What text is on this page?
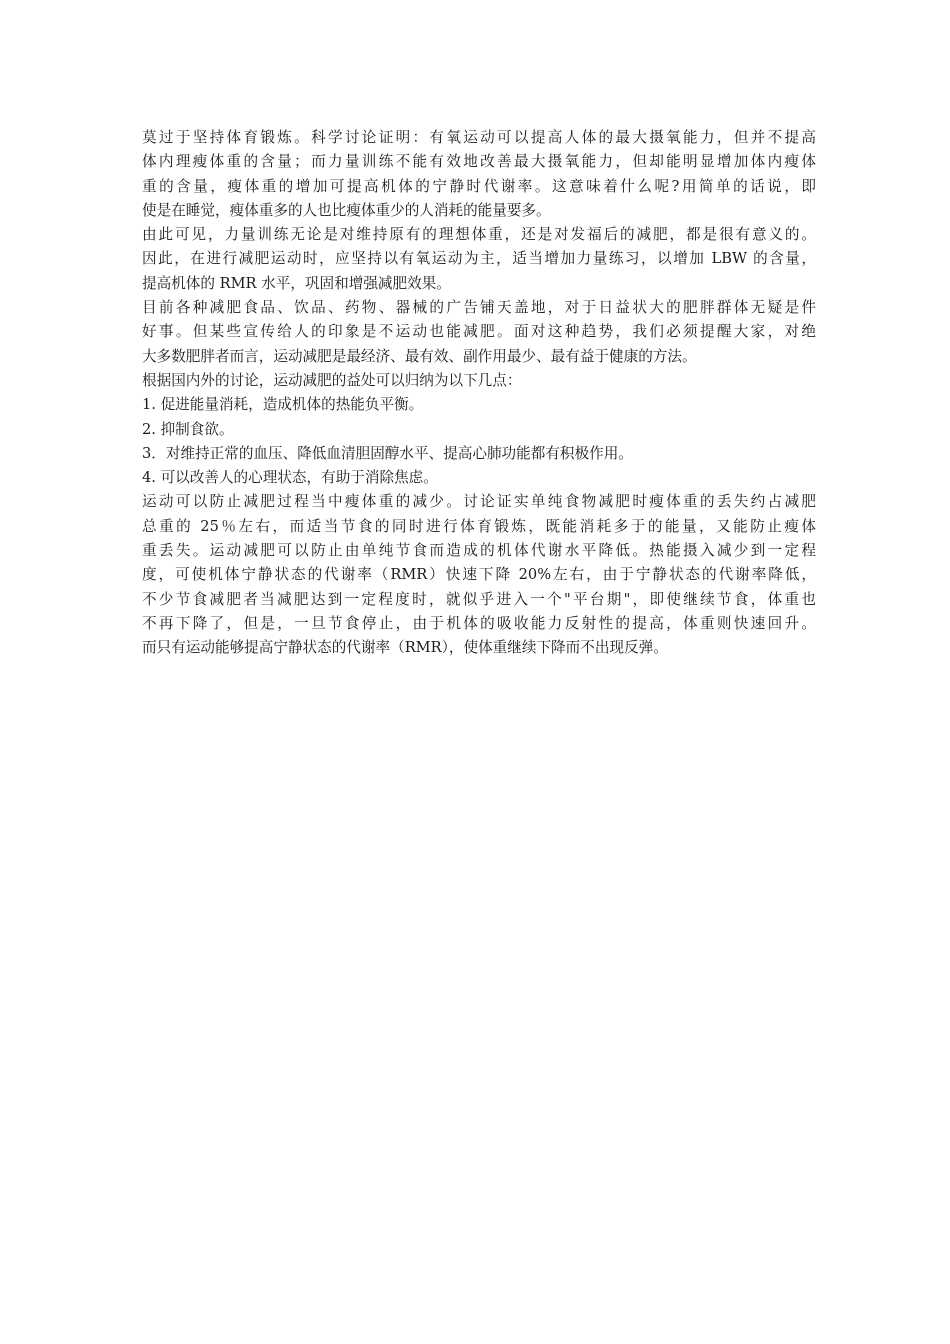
莫过于坚持体育锻炼。科学讨论证明：有氧运动可以提高人体的最大摄氧能力，但并不提高
体内理瘦体重的含量；而力量训练不能有效地改善最大摄氧能力，但却能明显增加体内瘦体
重的含量，瘦体重的增加可提高机体的宁静时代谢率。这意味着什么呢?用简单的话说，即
使是在睡觉，瘦体重多的人也比瘦体重少的人消耗的能量要多。
由此可见，力量训练无论是对维持原有的理想体重，还是对发福后的减肥，都是很有意义的。
因此，在进行减肥运动时，应坚持以有氧运动为主，适当增加力量练习，以增加 LBW 的含量，
提高机体的 RMR 水平，巩固和增强减肥效果。
目前各种减肥食品、饮品、药物、器械的广告铺天盖地，对于日益状大的肥胖群体无疑是件
好事。但某些宣传给人的印象是不运动也能减肥。面对这种趋势，我们必须提醒大家，对绝
大多数肥胖者而言，运动减肥是最经济、最有效、副作用最少、最有益于健康的方法。
根据国内外的讨论，运动减肥的益处可以归纳为以下几点：
1. 促进能量消耗，造成机体的热能负平衡。
2. 抑制食欲。
3．对维持正常的血压、降低血清胆固醇水平、提高心肺功能都有积极作用。
4. 可以改善人的心理状态，有助于消除焦虑。
运动可以防止减肥过程当中瘦体重的减少。讨论证实单纯食物减肥时瘦体重的丢失约占减肥
总重的 25％左右，而适当节食的同时进行体育锻炼，既能消耗多于的能量，又能防止瘦体
重丢失。运动减肥可以防止由单纯节食而造成的机体代谢水平降低。热能摄入减少到一定程
度，可使机体宁静状态的代谢率（RMR）快速下降 20%左右，由于宁静状态的代谢率降低，
不少节食减肥者当减肥达到一定程度时，就似乎进入一个"平台期"，即使继续节食，体重也
不再下降了，但是，一旦节食停止，由于机体的吸收能力反射性的提高，体重则快速回升。
而只有运动能够提高宁静状态的代谢率（RMR），使体重继续下降而不出现反弹。
